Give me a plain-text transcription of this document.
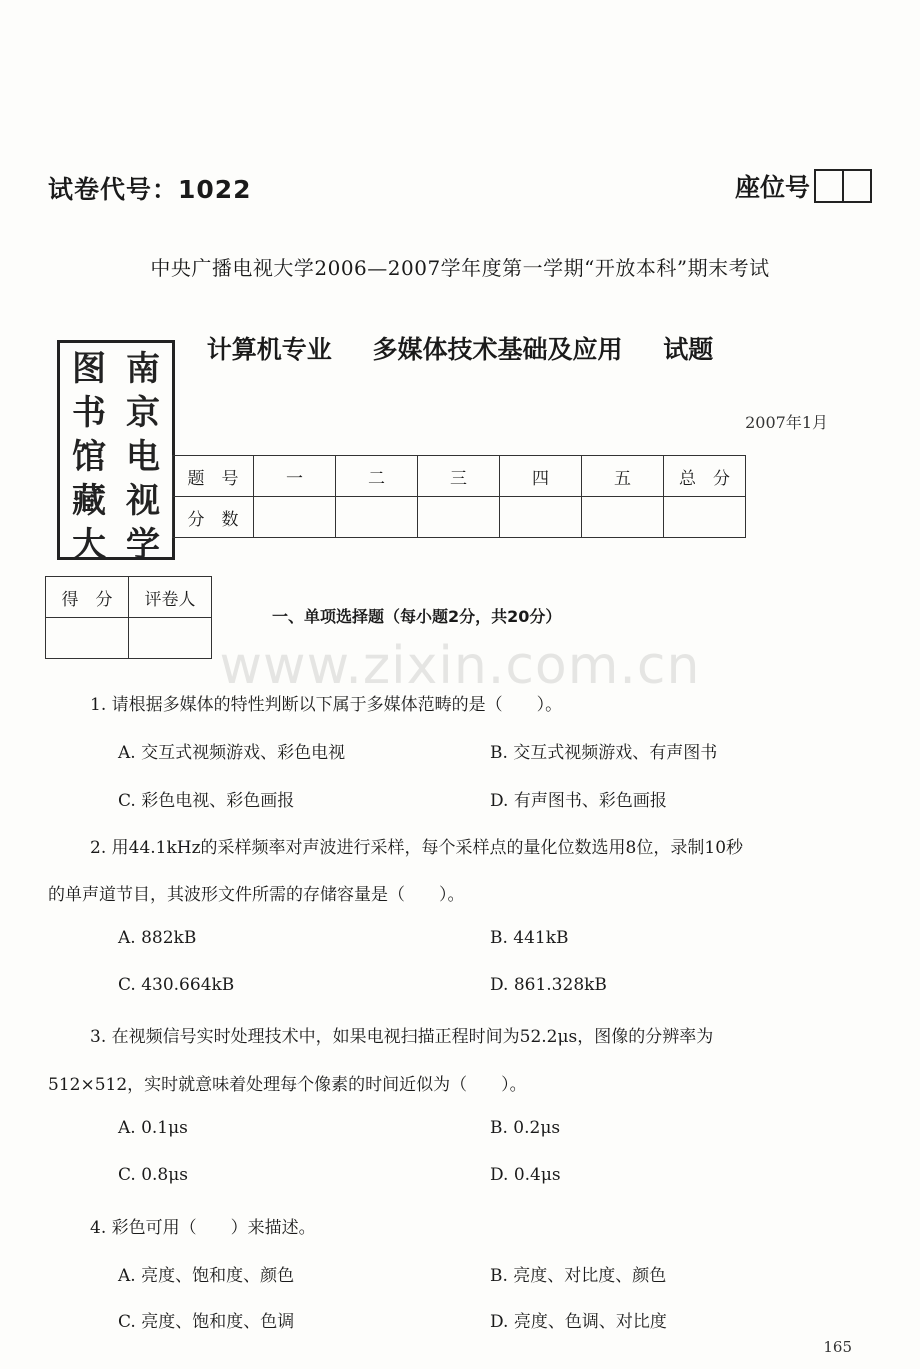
试卷代号：1022	座位号
中央广播电视大学2006—2007学年度第一学期“开放本科”期末考试
计算机专业 多媒体技术基础及应用 试题
2007年1月
图 南
书 京
馆 电
藏 视
大 学
题　号	一	二	三	四	五	总　分
分　数						
得　分	评卷人

一、单项选择题（每小题2分，共20分）
www.zixin.com.cn
1. 请根据多媒体的特性判断以下属于多媒体范畴的是（　　）。
A. 交互式视频游戏、彩色电视	B. 交互式视频游戏、有声图书
C. 彩色电视、彩色画报	D. 有声图书、彩色画报
2. 用44.1kHz的采样频率对声波进行采样，每个采样点的量化位数选用8位，录制10秒
的单声道节目，其波形文件所需的存储容量是（　　）。
A. 882kB	B. 441kB
C. 430.664kB	D. 861.328kB
3. 在视频信号实时处理技术中，如果电视扫描正程时间为52.2μs，图像的分辨率为
512×512，实时就意味着处理每个像素的时间近似为（　　）。
A. 0.1μs	B. 0.2μs
C. 0.8μs	D. 0.4μs
4. 彩色可用（　　）来描述。
A. 亮度、饱和度、颜色	B. 亮度、对比度、颜色
C. 亮度、饱和度、色调	D. 亮度、色调、对比度
165
